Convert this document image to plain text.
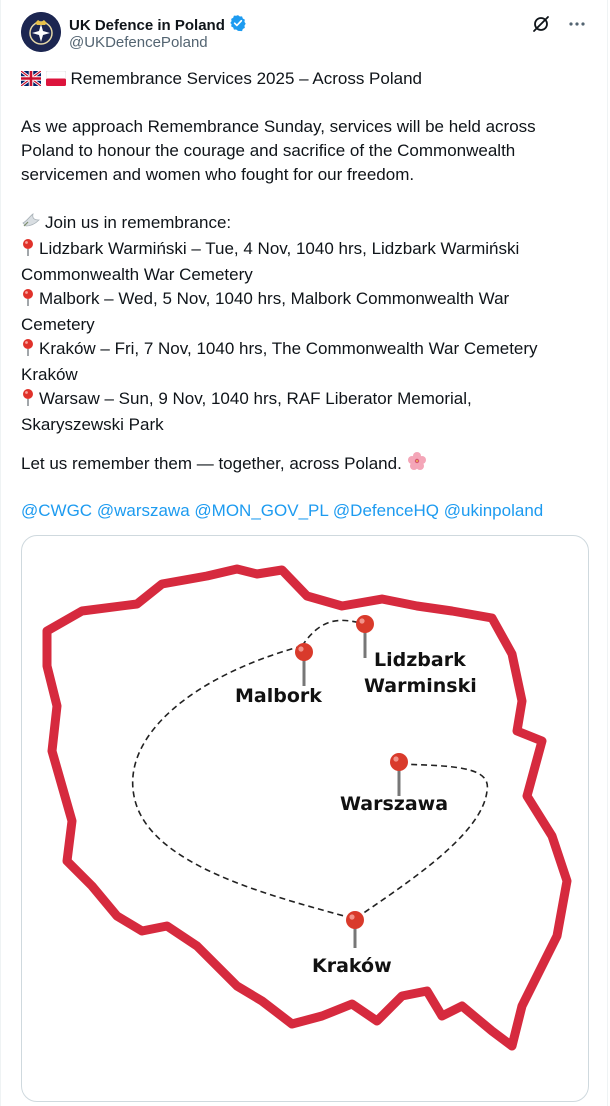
UK Defence in Poland
@UKDefencePoland
Remembrance Services 2025 – Across Poland
As we approach Remembrance Sunday, services will be held across
Poland to honour the courage and sacrifice of the Commonwealth
servicemen and women who fought for our freedom.
Join us in remembrance:
Lidzbark Warmiński – Tue, 4 Nov, 1040 hrs, Lidzbark Warmiński
Commonwealth War Cemetery
Malbork – Wed, 5 Nov, 1040 hrs, Malbork Commonwealth War
Cemetery
Kraków – Fri, 7 Nov, 1040 hrs, The Commonwealth War Cemetery
Kraków
Warsaw – Sun, 9 Nov, 1040 hrs, RAF Liberator Memorial,
Skaryszewski Park
Let us remember them — together, across Poland.
@CWGC @warszawa @MON_GOV_PL @DefenceHQ @ukinpoland
Lidzbark
Warminski
Malbork
Warszawa
Kraków
